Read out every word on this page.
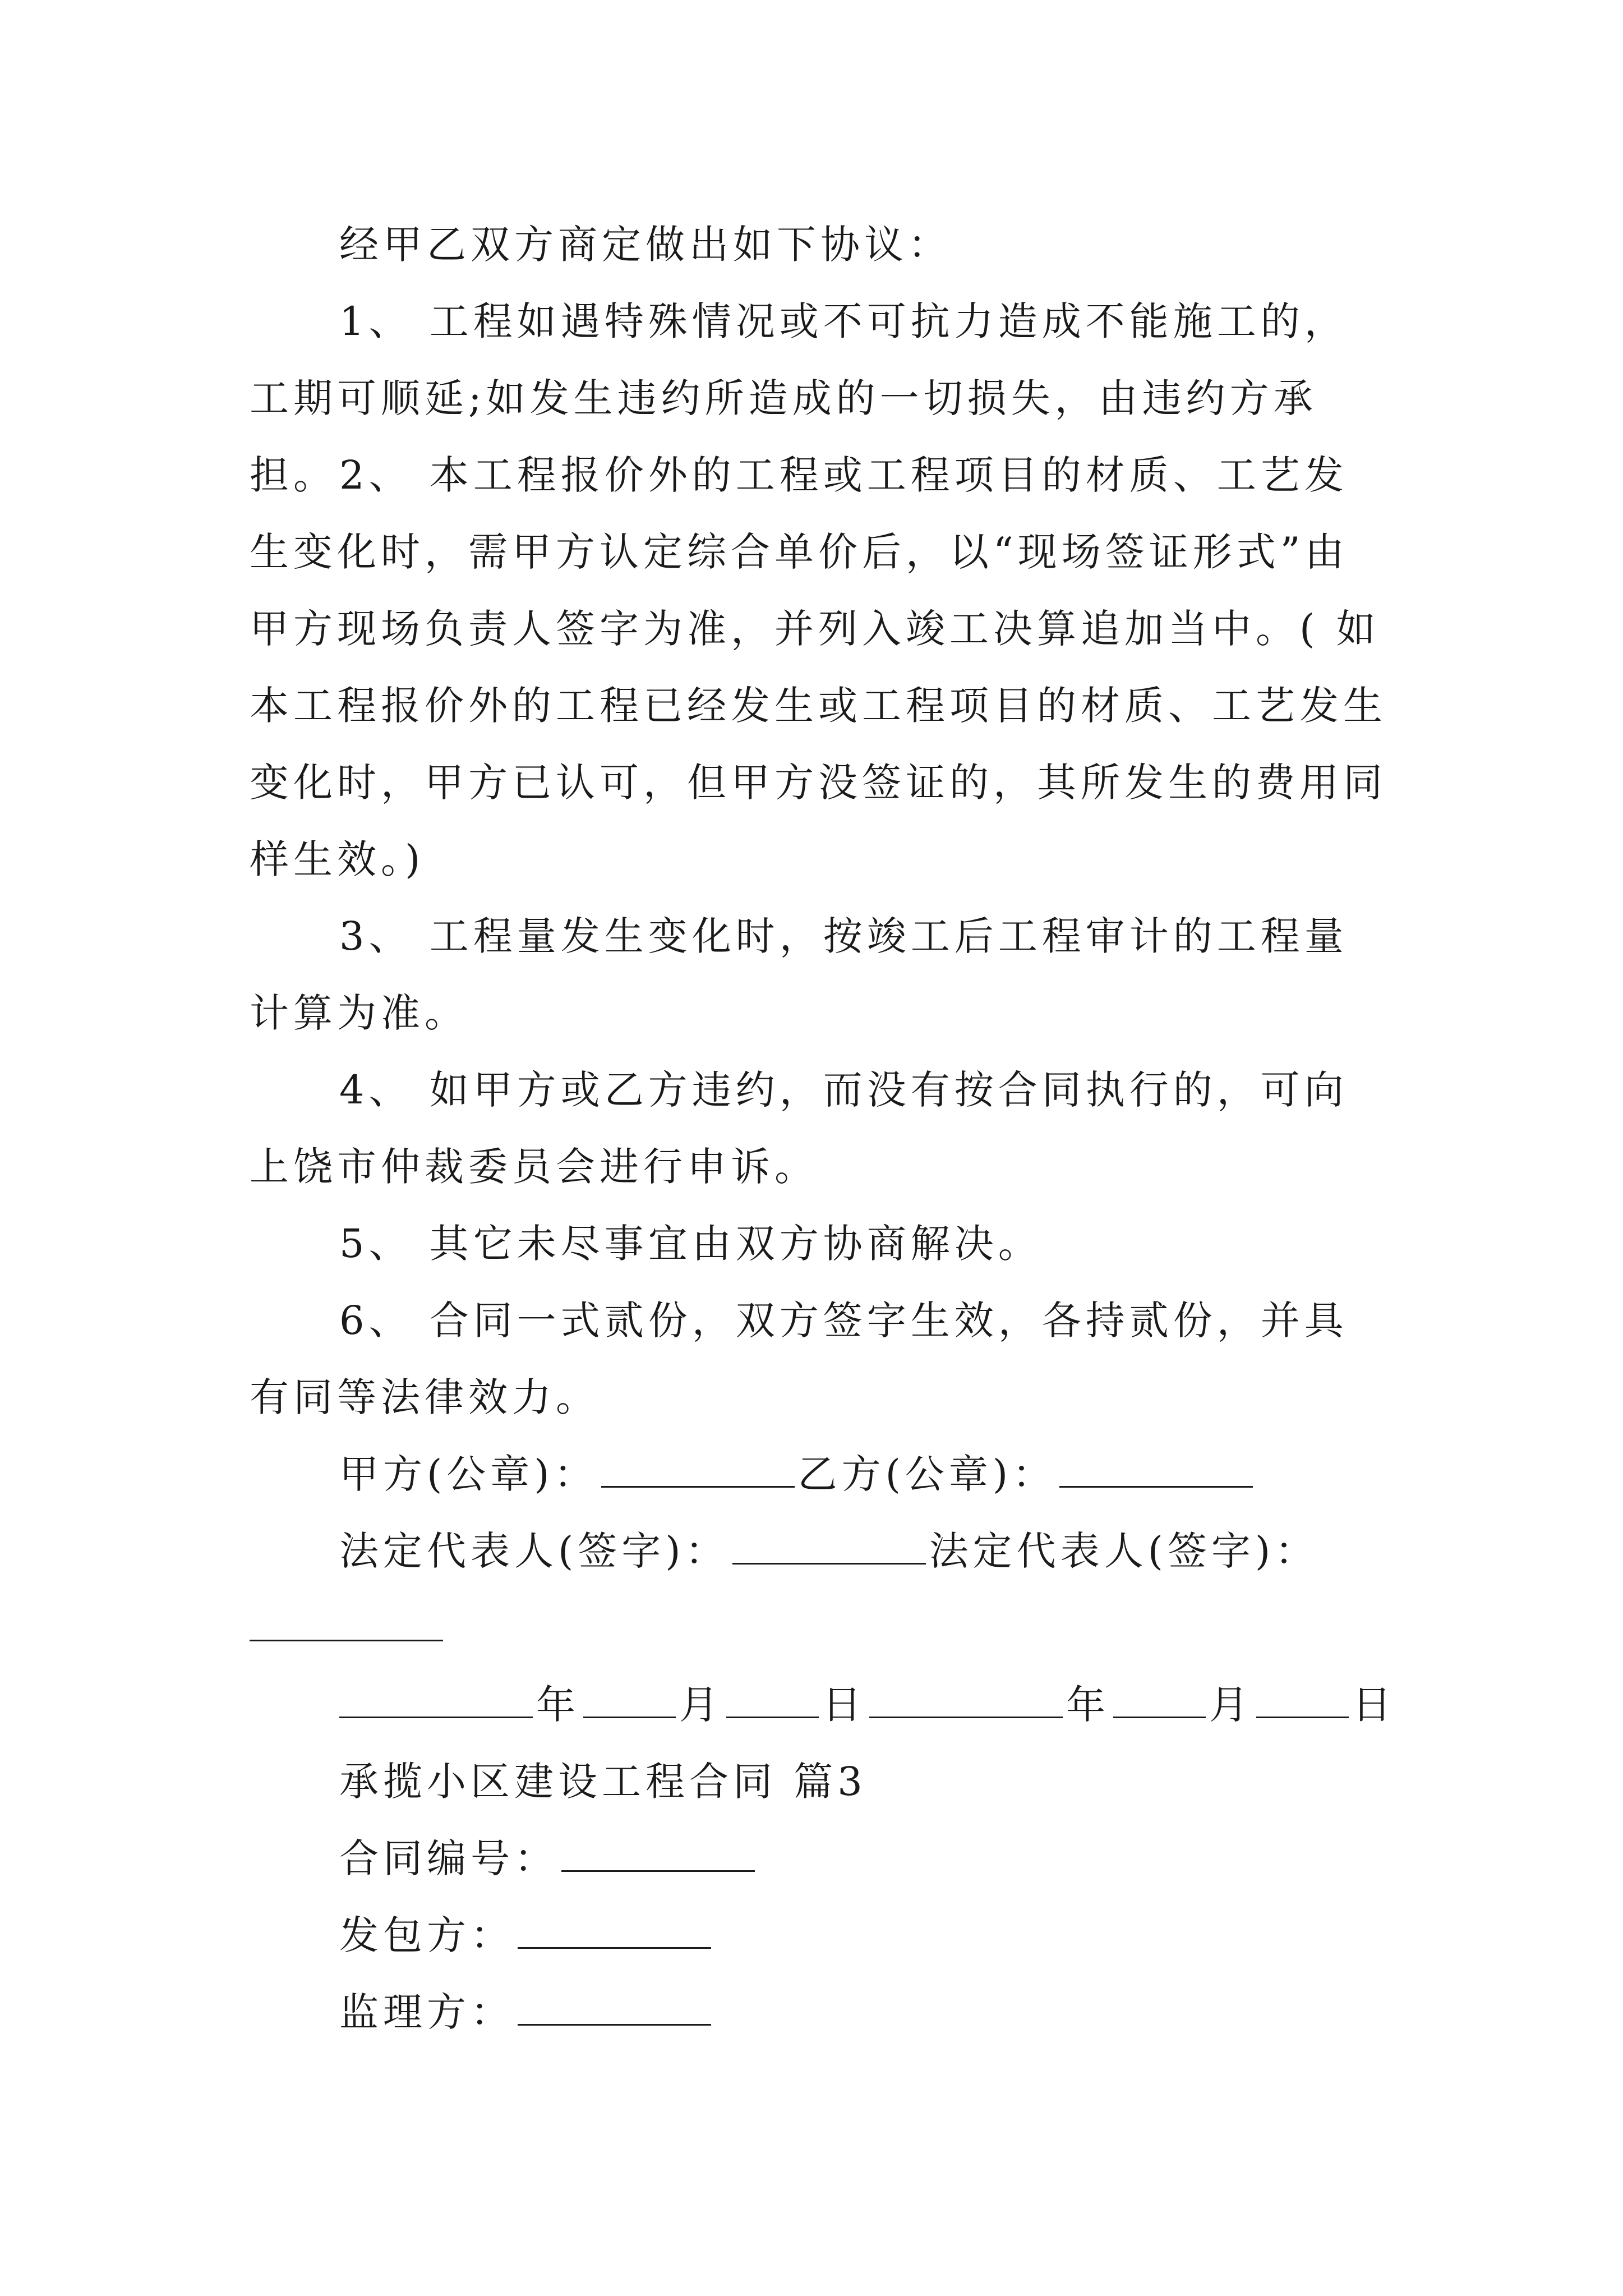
经甲乙双方商定做出如下协议：
1、 工程如遇特殊情况或不可抗力造成不能施工的，工期可顺延;如发生违约所造成的一切损失，由违约方承担。 2、 本工程报价外的工程或工程项目的材质、工艺发生变化时，需甲方认定综合单价后，以“现场签证形式”由甲方现场负责人签字为准，并列入竣工决算追加当中。( 如本工程报价外的工程已经发生或工程项目的材质、工艺发生变化时，甲方已认可，但甲方没签证的，其所发生的费用同样生效。)
3、 工程量发生变化时，按竣工后工程审计的工程量计算为准。
4、 如甲方或乙方违约，而没有按合同执行的，可向上饶市仲裁委员会进行申诉。
5、 其它未尽事宜由双方协商解决。
6、 合同一式贰份，双方签字生效，各持贰份，并具有同等法律效力。
甲方(公章)：	乙方(公章)：
法定代表人(签字)：	法定代表人(签字)：
年	月	日	年	月	日
承揽小区建设工程合同 篇3
合同编号：
发包方：
监理方：
